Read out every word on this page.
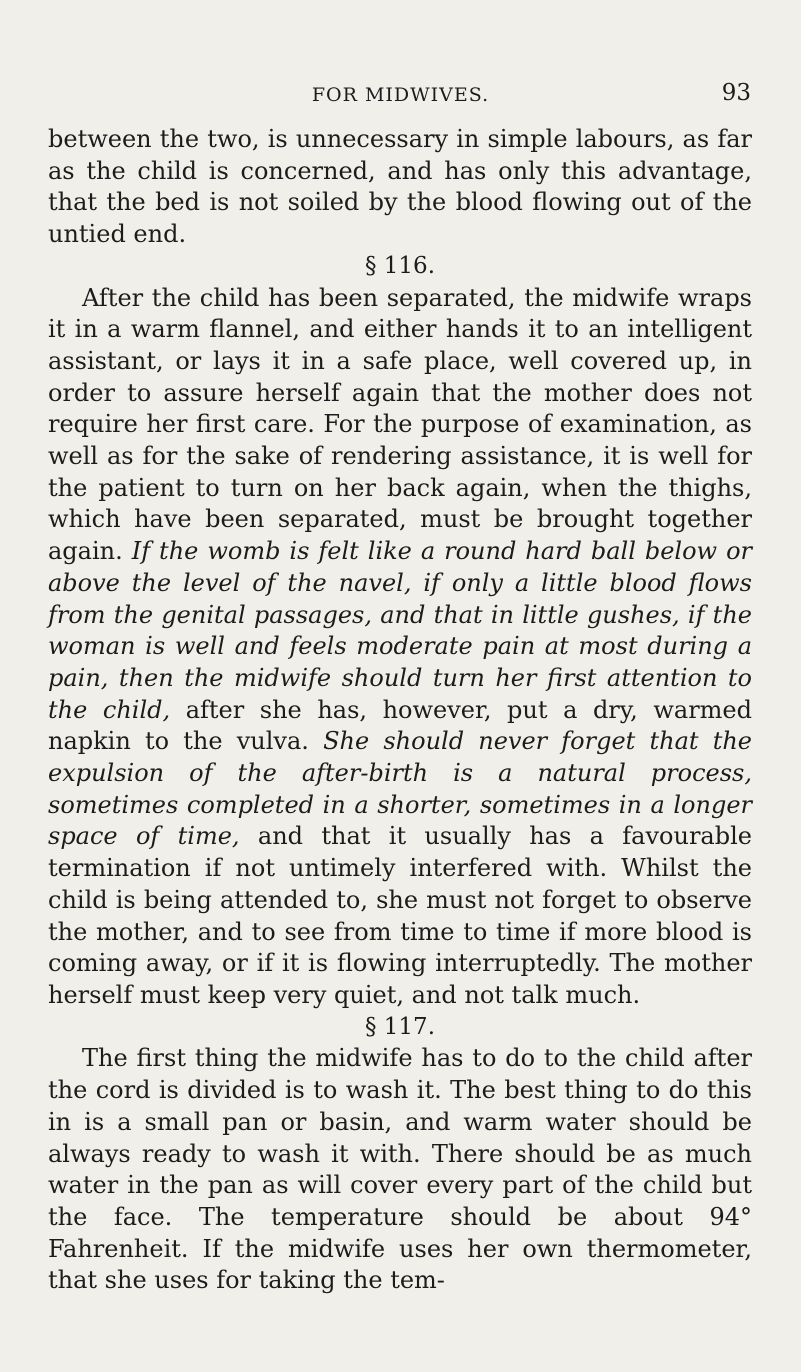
FOR MIDWIVES.	93

between the two, is unnecessary in simple labours, as far as the child is concerned, and has only this advantage, that the bed is not soiled by the blood flowing out of the untied end.

§ 116.

After the child has been separated, the midwife wraps it in a warm flannel, and either hands it to an intelligent assistant, or lays it in a safe place, well covered up, in order to assure herself again that the mother does not require her first care. For the purpose of examination, as well as for the sake of rendering assistance, it is well for the patient to turn on her back again, when the thighs, which have been separated, must be brought together again. If the womb is felt like a round hard ball below or above the level of the navel, if only a little blood flows from the genital passages, and that in little gushes, if the woman is well and feels moderate pain at most during a pain, then the midwife should turn her first attention to the child, after she has, however, put a dry, warmed napkin to the vulva. She should never forget that the expulsion of the after-birth is a natural process, sometimes completed in a shorter, sometimes in a longer space of time, and that it usually has a favourable termination if not untimely interfered with. Whilst the child is being attended to, she must not forget to observe the mother, and to see from time to time if more blood is coming away, or if it is flowing interruptedly. The mother herself must keep very quiet, and not talk much.

§ 117.

The first thing the midwife has to do to the child after the cord is divided is to wash it. The best thing to do this in is a small pan or basin, and warm water should be always ready to wash it with. There should be as much water in the pan as will cover every part of the child but the face. The temperature should be about 94° Fahrenheit. If the midwife uses her own thermometer, that she uses for taking the tem-
